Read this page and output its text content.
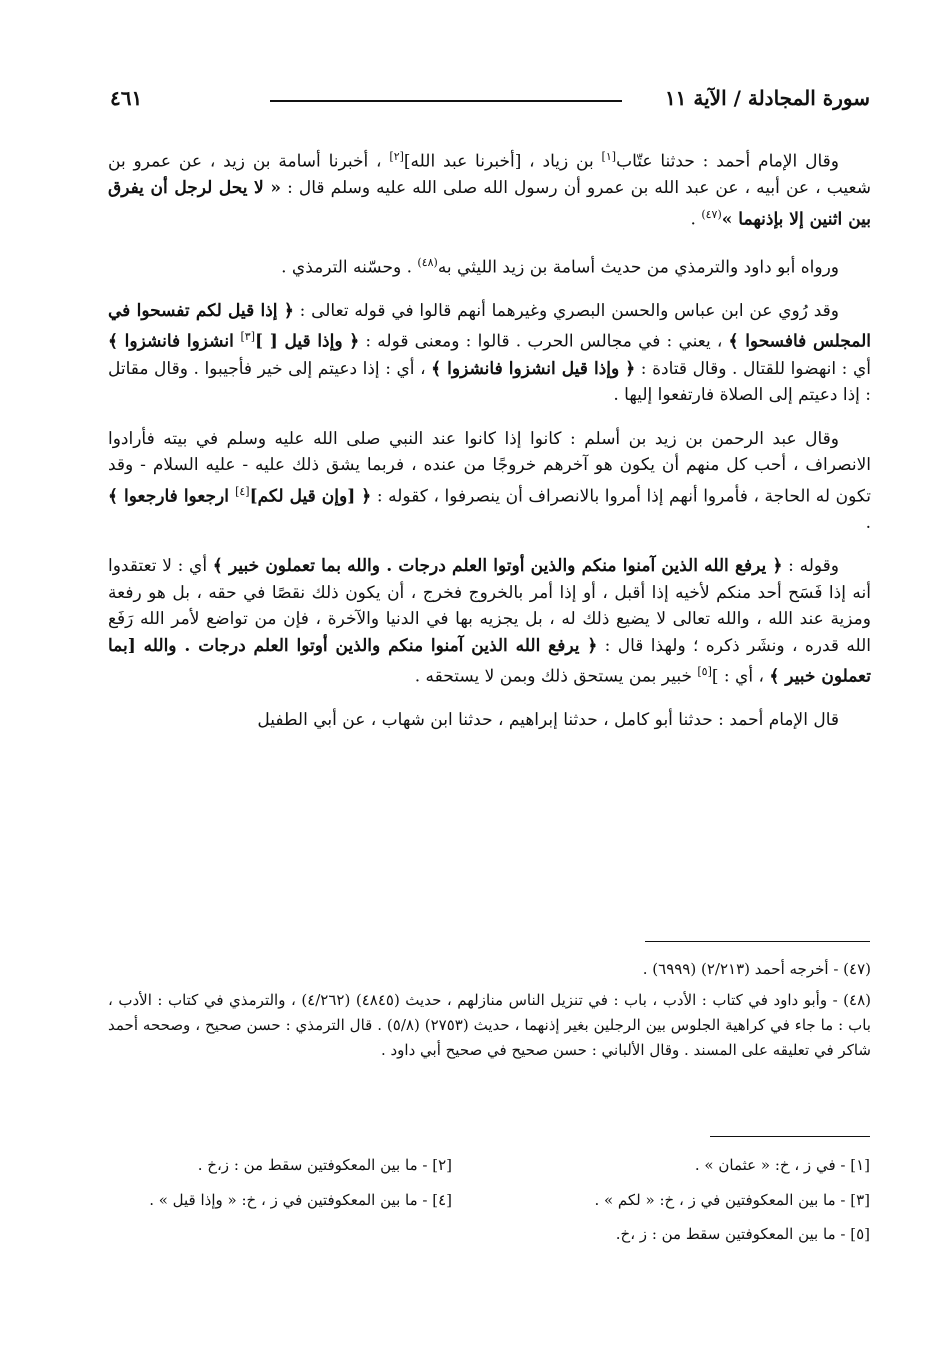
سورة المجادلة / الآية ١١
٤٦١

وقال الإمام أحمد : حدثنا عتّاب[١] بن زياد ، [أخبرنا عبد الله][٢] ، أخبرنا أسامة بن زيد ، عن عمرو بن شعيب ، عن أبيه ، عن عبد الله بن عمرو أن رسول الله صلى الله عليه وسلم قال : « لا يحل لرجل أن يفرق بين اثنين إلا بإذنهما »$^{(٤٧)}$ .

ورواه أبو داود والترمذي من حديث أسامة بن زيد الليثي به$^{(٤٨)}$ . وحسّنه الترمذي .

وقد رُوي عن ابن عباس والحسن البصري وغيرهما أنهم قالوا في قوله تعالى : ﴿ إذا قيل لكم تفسحوا في المجلس فافسحوا ﴾ ، يعني : في مجالس الحرب . قالوا : ومعنى قوله : ﴿ وإذا قيل [ ][٣] انشزوا فانشزوا ﴾ أي : انهضوا للقتال . وقال قتادة : ﴿ وإذا قيل انشزوا فانشزوا ﴾ ، أي : إذا دعيتم إلى خير فأجيبوا . وقال مقاتل : إذا دعيتم إلى الصلاة فارتفعوا إليها .

وقال عبد الرحمن بن زيد بن أسلم : كانوا إذا كانوا عند النبي صلى الله عليه وسلم في بيته فأرادوا الانصراف ، أحب كل منهم أن يكون هو آخرهم خروجًا من عنده ، فربما يشق ذلك عليه - عليه السلام - وقد تكون له الحاجة ، فأمروا أنهم إذا أمروا بالانصراف أن ينصرفوا ، كقوله : ﴿ [وإن قيل لكم][٤] ارجعوا فارجعوا ﴾ .

وقوله : ﴿ يرفع الله الذين آمنوا منكم والذين أوتوا العلم درجات . والله بما تعملون خبير ﴾ أي : لا تعتقدوا أنه إذا فَسَح أحد منكم لأخيه إذا أقبل ، أو إذا أمر بالخروج فخرج ، أن يكون ذلك نقصًا في حقه ، بل هو رفعة ومزية عند الله ، والله تعالى لا يضيع ذلك له ، بل يجزيه بها في الدنيا والآخرة ، فإن من تواضع لأمر الله رَفَع الله قدره ، ونشَر ذكره ؛ ولهذا قال : ﴿ يرفع الله الذين آمنوا منكم والذين أوتوا العلم درجات . والله [بما تعملون خبير ﴾ ، أي : ][٥] خبير بمن يستحق ذلك وبمن لا يستحقه .

قال الإمام أحمد : حدثنا أبو كامل ، حدثنا إبراهيم ، حدثنا ابن شهاب ، عن أبي الطفيل

(٤٧) - أخرجه أحمد (٢/٢١٣) (٦٩٩٩) .

(٤٨) - وأبو داود في كتاب : الأدب ، باب : في تنزيل الناس منازلهم ، حديث (٤٨٤٥) (٤/٢٦٢) ، والترمذي في كتاب : الأدب ، باب : ما جاء في كراهية الجلوس بين الرجلين بغير إذنهما ، حديث (٢٧٥٣) (٥/٨) . قال الترمذي : حسن صحيح ، وصححه أحمد شاكر في تعليقه على المسند . وقال الألباني : حسن صحيح في صحيح أبي داود .

[١] - في ز ، خ: « عثمان » .
[٢] - ما بين المعكوفتين سقط من : ز،خ .
[٣] - ما بين المعكوفتين في ز ، خ: « لكم » .
[٤] - ما بين المعكوفتين في ز ، خ: « وإذا قيل » .
[٥] - ما بين المعكوفتين سقط من : ز ،خ.
